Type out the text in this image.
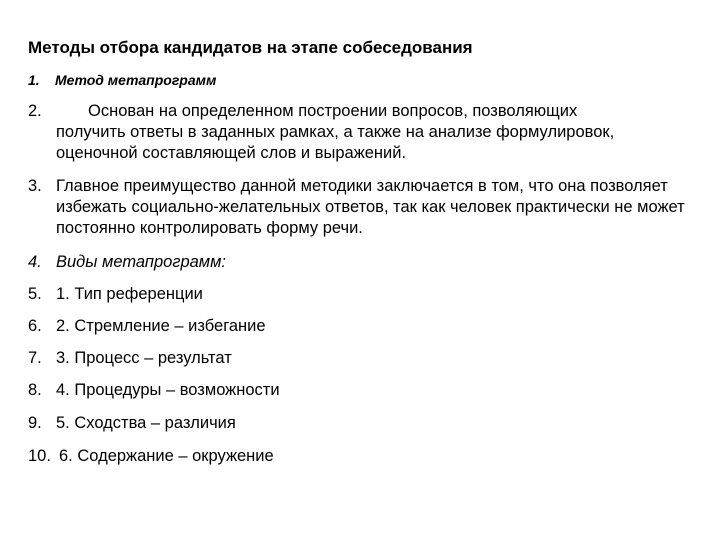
Методы отбора кандидатов на этапе собеседования
1. Метод метапрограмм
2.	Основан на определенном построении вопросов, позволяющих получить ответы в заданных рамках, а также на анализе формулировок, оценочной составляющей слов и выражений.
3. Главное преимущество данной методики заключается в том, что она позволяет избежать социально-желательных ответов, так как человек практически не может постоянно контролировать форму речи.
4. Виды метапрограмм:
5. 1. Тип референции
6. 2. Стремление – избегание
7. 3. Процесс – результат
8. 4. Процедуры – возможности
9. 5. Сходства – различия
10. 6. Содержание – окружение
